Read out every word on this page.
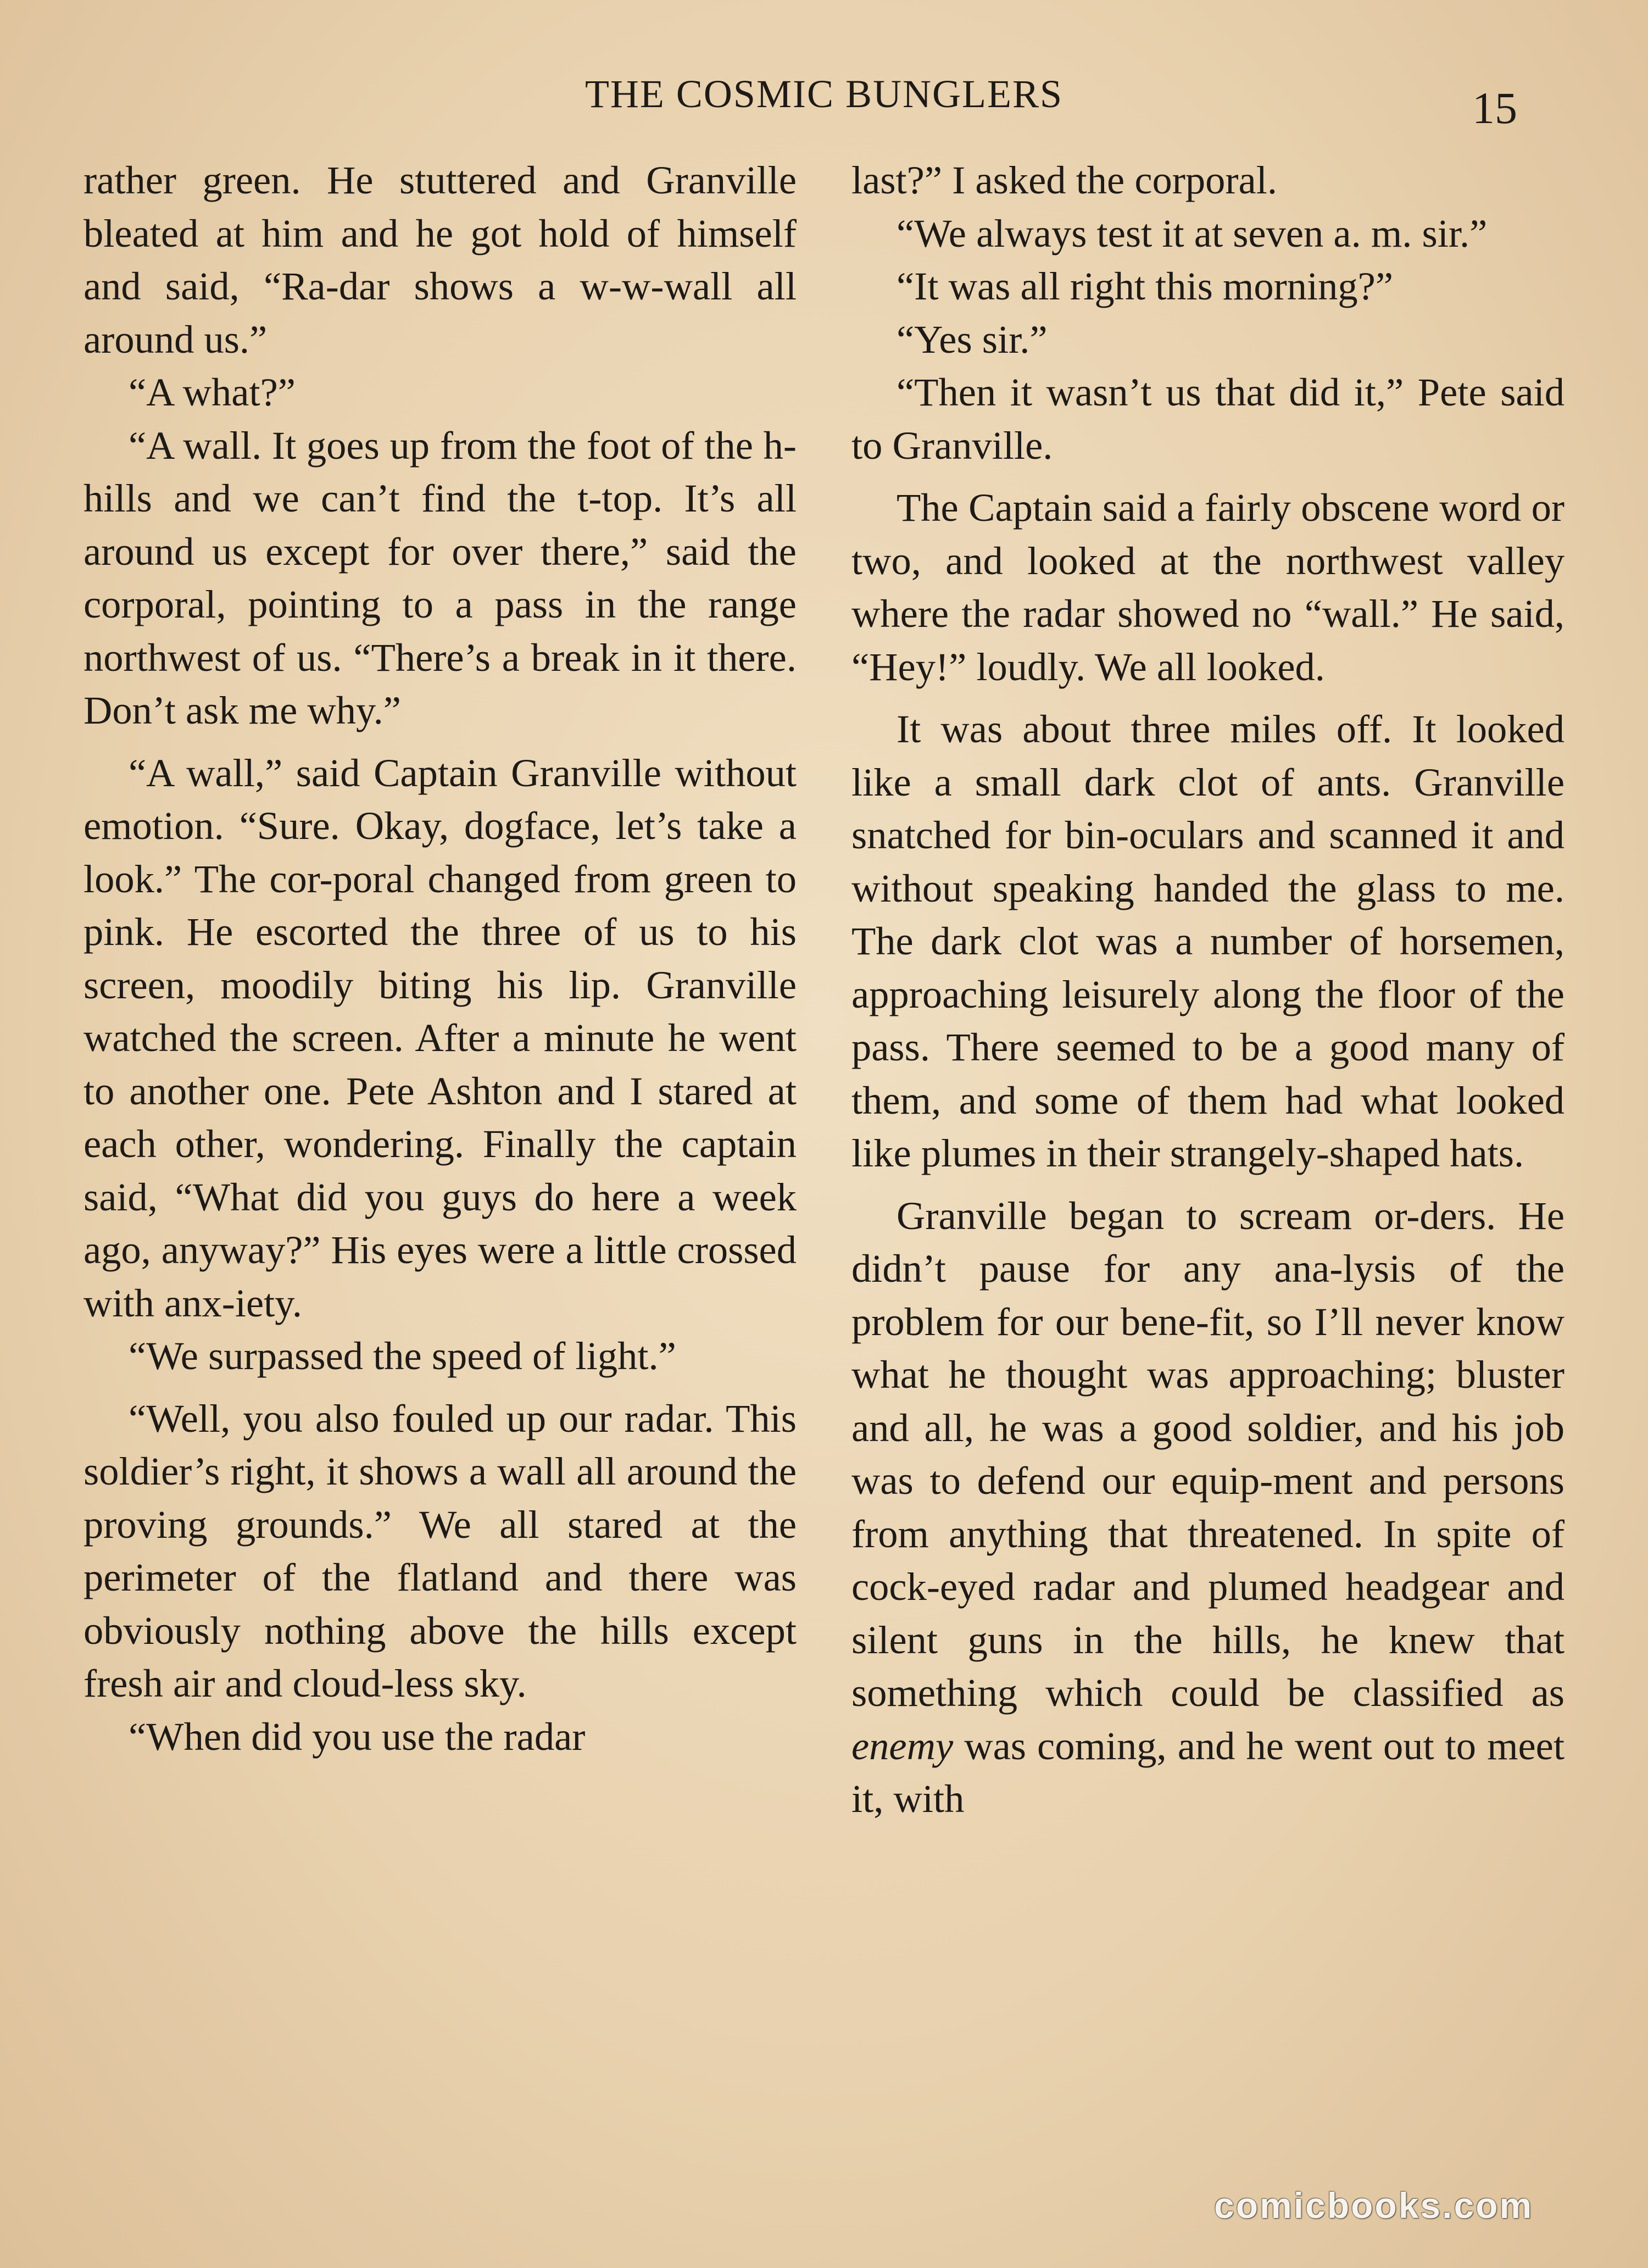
THE COSMIC BUNGLERS	15

rather green. He stuttered and Granville bleated at him and he got hold of himself and said, “Ra-dar shows a w-w-wall all around us.”

“A what?”

“A wall. It goes up from the foot of the h-hills and we can’t find the t-top. It’s all around us except for over there,” said the corporal, pointing to a pass in the range northwest of us. “There’s a break in it there. Don’t ask me why.”

“A wall,” said Captain Granville without emotion. “Sure. Okay, dogface, let’s take a look.” The cor-poral changed from green to pink. He escorted the three of us to his screen, moodily biting his lip. Granville watched the screen. After a minute he went to another one. Pete Ashton and I stared at each other, wondering. Finally the captain said, “What did you guys do here a week ago, anyway?” His eyes were a little crossed with anx-iety.

“We surpassed the speed of light.”

“Well, you also fouled up our radar. This soldier’s right, it shows a wall all around the proving grounds.” We all stared at the perimeter of the flatland and there was obviously nothing above the hills except fresh air and cloud-less sky.

“When did you use the radar

last?” I asked the corporal.

“We always test it at seven a. m. sir.”

“It was all right this morning?”

“Yes sir.”

“Then it wasn’t us that did it,” Pete said to Granville.

The Captain said a fairly obscene word or two, and looked at the northwest valley where the radar showed no “wall.” He said, “Hey!” loudly. We all looked.

It was about three miles off. It looked like a small dark clot of ants. Granville snatched for bin-oculars and scanned it and without speaking handed the glass to me. The dark clot was a number of horsemen, approaching leisurely along the floor of the pass. There seemed to be a good many of them, and some of them had what looked like plumes in their strangely-shaped hats.

Granville began to scream or-ders. He didn’t pause for any ana-lysis of the problem for our bene-fit, so I’ll never know what he thought was approaching; bluster and all, he was a good soldier, and his job was to defend our equip-ment and persons from anything that threatened. In spite of cock-eyed radar and plumed headgear and silent guns in the hills, he knew that something which could be classified as enemy was coming, and he went out to meet it, with

comicbooks.com
